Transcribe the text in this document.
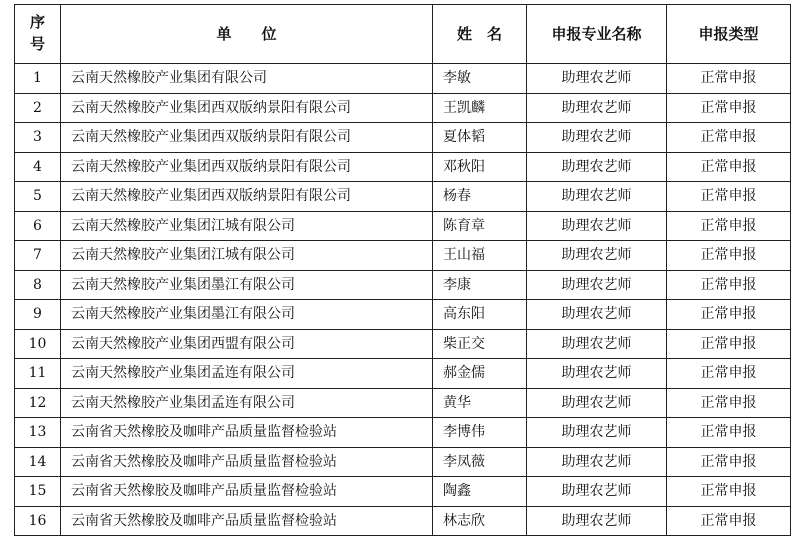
序号	单　　位	姓　名	申报专业名称	申报类型
1	云南天然橡胶产业集团有限公司	李敏	助理农艺师	正常申报
2	云南天然橡胶产业集团西双版纳景阳有限公司	王凯麟	助理农艺师	正常申报
3	云南天然橡胶产业集团西双版纳景阳有限公司	夏体韬	助理农艺师	正常申报
4	云南天然橡胶产业集团西双版纳景阳有限公司	邓秋阳	助理农艺师	正常申报
5	云南天然橡胶产业集团西双版纳景阳有限公司	杨春	助理农艺师	正常申报
6	云南天然橡胶产业集团江城有限公司	陈育章	助理农艺师	正常申报
7	云南天然橡胶产业集团江城有限公司	王山福	助理农艺师	正常申报
8	云南天然橡胶产业集团墨江有限公司	李康	助理农艺师	正常申报
9	云南天然橡胶产业集团墨江有限公司	高东阳	助理农艺师	正常申报
10	云南天然橡胶产业集团西盟有限公司	柴正交	助理农艺师	正常申报
11	云南天然橡胶产业集团孟连有限公司	郝金儒	助理农艺师	正常申报
12	云南天然橡胶产业集团孟连有限公司	黄华	助理农艺师	正常申报
13	云南省天然橡胶及咖啡产品质量监督检验站	李博伟	助理农艺师	正常申报
14	云南省天然橡胶及咖啡产品质量监督检验站	李凤薇	助理农艺师	正常申报
15	云南省天然橡胶及咖啡产品质量监督检验站	陶鑫	助理农艺师	正常申报
16	云南省天然橡胶及咖啡产品质量监督检验站	林志欣	助理农艺师	正常申报
